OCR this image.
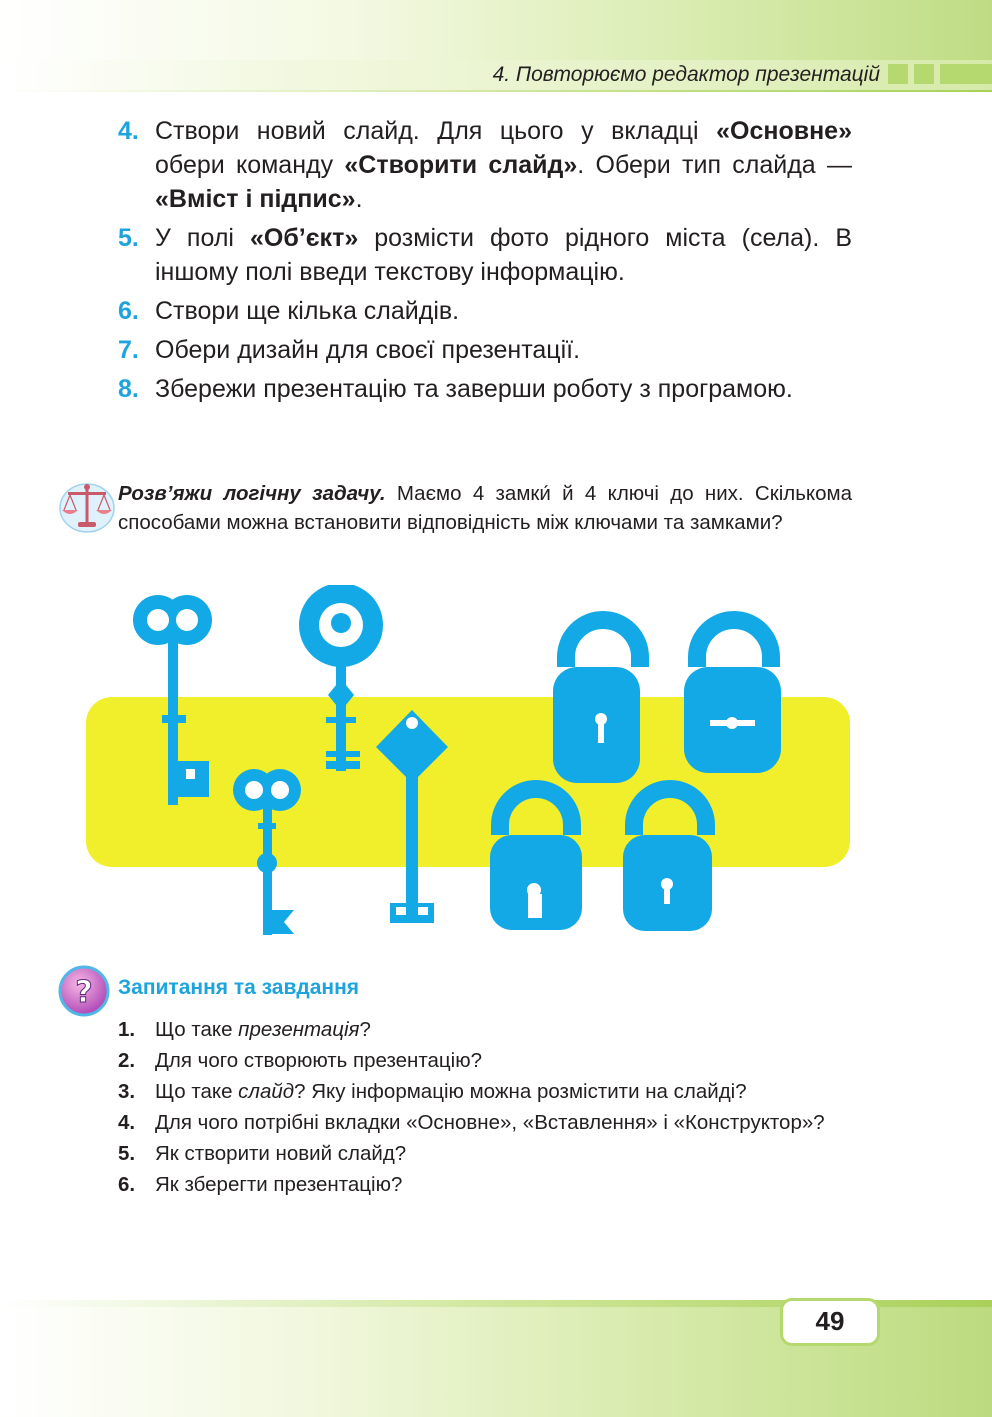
4. Повторюємо редактор презентацій
4. Створи новий слайд. Для цього у вкладці «Основне» обери команду «Створити слайд». Обери тип слайда — «Вміст і підпис».
5. У полі «Об’єкт» розмісти фото рідного міста (села). В іншому полі введи текстову інформацію.
6. Створи ще кілька слайдів.
7. Обери дизайн для своєї презентації.
8. Збережи презентацію та заверши роботу з програмою.
Розв’яжи логічну задачу. Маємо 4 замки́ й 4 ключі до них. Скількома способами можна встановити відповідність між ключами та замками?
? Запитання та завдання
1. Що таке презентація?
2. Для чого створюють презентацію?
3. Що таке слайд? Яку інформацію можна розмістити на слайді?
4. Для чого потрібні вкладки «Основне», «Вставлення» і «Конструктор»?
5. Як створити новий слайд?
6. Як зберегти презентацію?
49
